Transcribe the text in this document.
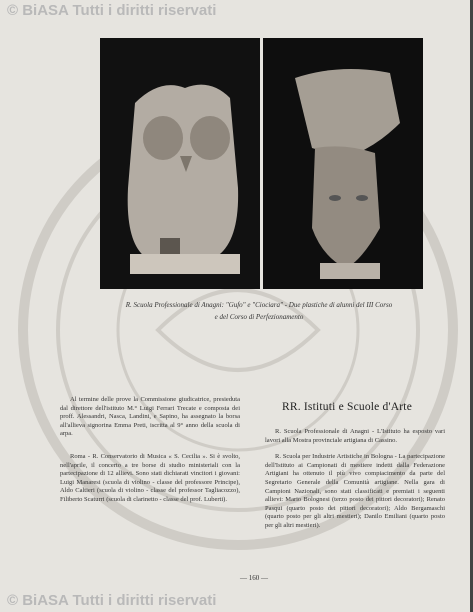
© BiASA Tutti i diritti riservati
R. Scuola Professionale di Anagni: "Gufo" e "Ciociara" - Due plastiche di alunni del III Corso
e del Corso di Perfezionamento

Al termine delle prove la Commissione giudicatrice, presieduta dal direttore dell'istituto M.° Luigi Ferrari Trecate e composta dei proff. Alessandri, Nasca, Landini, e Sapino, ha assegnato la borsa all'allieva signorina Emma Preti, iscritta al 9° anno della scuola di arpa.

Roma - R. Conservatorio di Musica « S. Cecilia ». Si è svolto, nell'aprile, il concerto a tre borse di studio ministeriali con la partecipazione di 12 allievi. Sono stati dichiarati vincitori i giovani: Luigi Manaresi (scuola di violino - classe del professore Principe), Aldo Caltieri (scuola di violino - classe del professor Tagliacozzo), Filiberto Scaturri (scuola di clarinetto - classe del prof. Luberti).

RR. Istituti e Scuole d'Arte

R. Scuola Professionale di Anagni - L'Istituto ha esposto vari lavori alla Mostra provinciale artigiana di Cassino.

R. Scuola per Industrie Artistiche in Bologna - La partecipazione dell'Istituto ai Campionati di mestiere indetti dalla Federazione Artigiani ha ottenuto il più vivo compiacimento da parte del Segretario Generale della Comunità artigiane. Nella gara di Campioni Nazionali, sono stati classificati e premiati i seguenti allievi: Mario Bolognesi (terzo posto dei pittori decoratori); Renato Pasqui (quarto posto dei pittori decoratori); Aldo Bergamaschi (quarto posto per gli altri mestieri); Danilo Emiliani (quarto posto per gli altri mestieri).

— 160 —
© BiASA Tutti i diritti riservati
